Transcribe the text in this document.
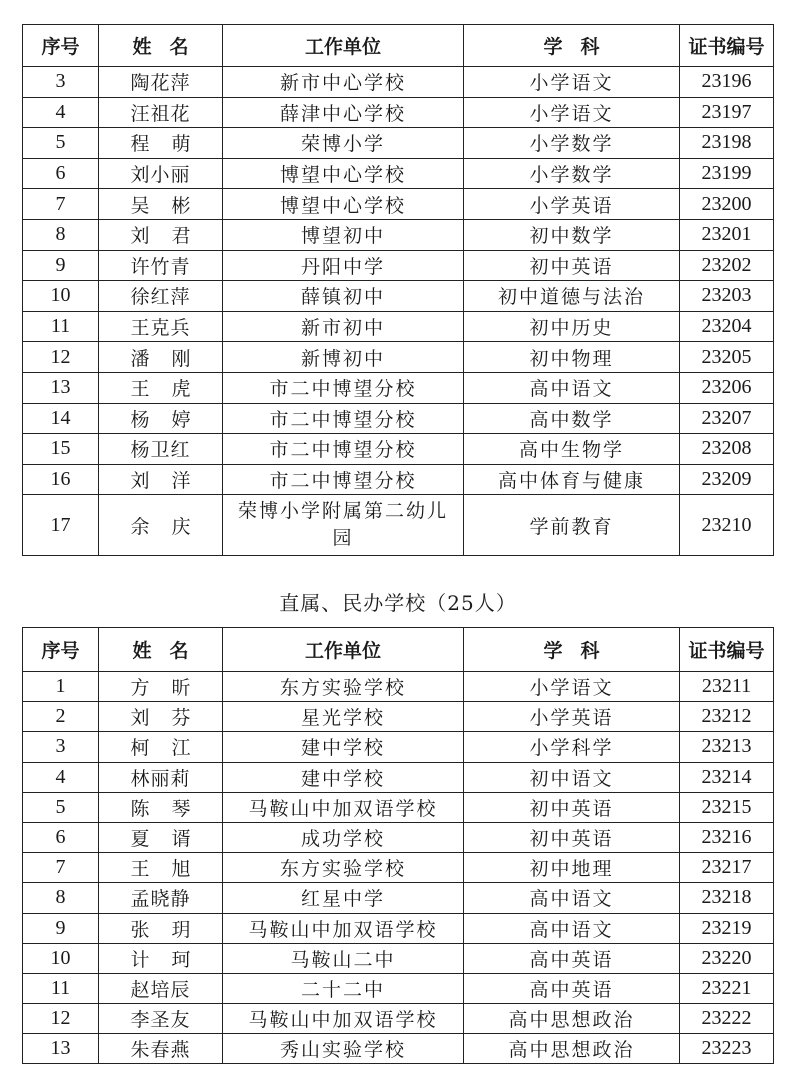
序号	姓名	工作单位	学科	证书编号
3	陶花萍	新市中心学校	小学语文	23196
4	汪祖花	薛津中心学校	小学语文	23197
5	程萌	荣博小学	小学数学	23198
6	刘小丽	博望中心学校	小学数学	23199
7	吴彬	博望中心学校	小学英语	23200
8	刘君	博望初中	初中数学	23201
9	许竹青	丹阳中学	初中英语	23202
10	徐红萍	薛镇初中	初中道德与法治	23203
11	王克兵	新市初中	初中历史	23204
12	潘刚	新博初中	初中物理	23205
13	王虎	市二中博望分校	高中语文	23206
14	杨婷	市二中博望分校	高中数学	23207
15	杨卫红	市二中博望分校	高中生物学	23208
16	刘洋	市二中博望分校	高中体育与健康	23209
17	余庆	荣博小学附属第二幼儿园	学前教育	23210
直属、民办学校（25人）
序号	姓名	工作单位	学科	证书编号
1	方昕	东方实验学校	小学语文	23211
2	刘芬	星光学校	小学英语	23212
3	柯江	建中学校	小学科学	23213
4	林丽莉	建中学校	初中语文	23214
5	陈琴	马鞍山中加双语学校	初中英语	23215
6	夏谞	成功学校	初中英语	23216
7	王旭	东方实验学校	初中地理	23217
8	孟晓静	红星中学	高中语文	23218
9	张玥	马鞍山中加双语学校	高中语文	23219
10	计珂	马鞍山二中	高中英语	23220
11	赵培辰	二十二中	高中英语	23221
12	李圣友	马鞍山中加双语学校	高中思想政治	23222
13	朱春燕	秀山实验学校	高中思想政治	23223
